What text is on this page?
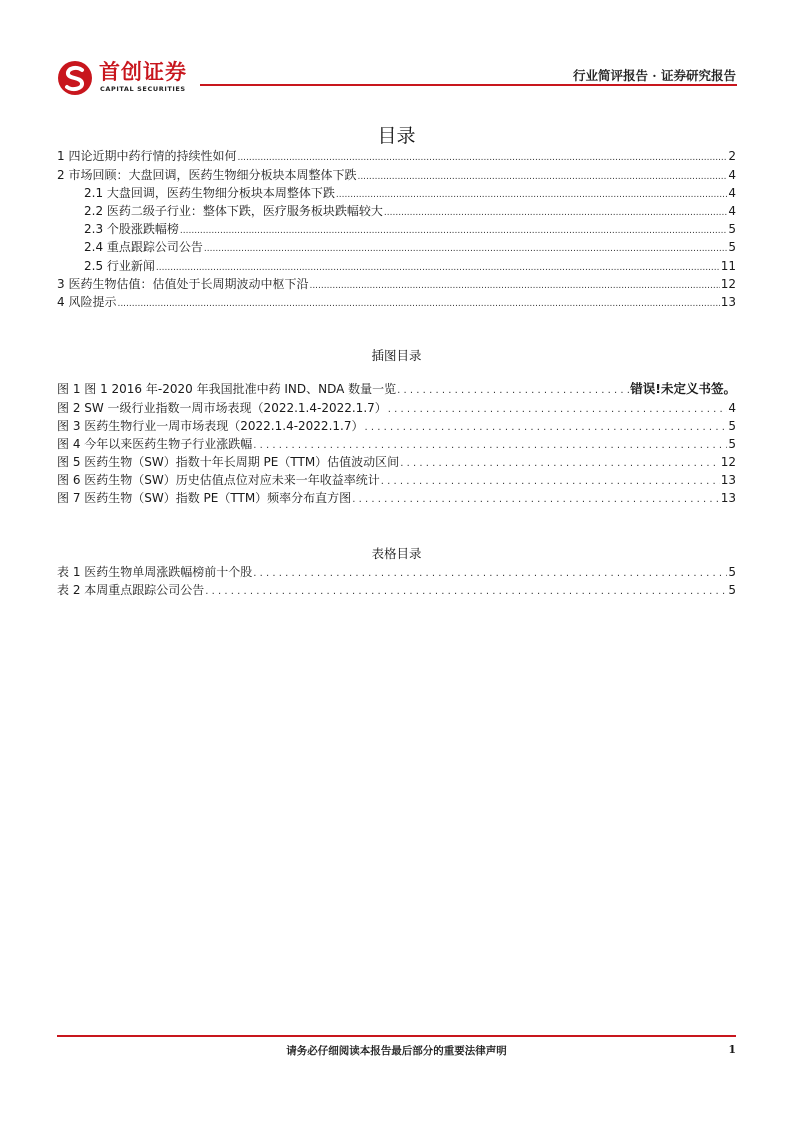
首创证券
CAPITAL SECURITIES
行业简评报告 · 证券研究报告
目录
1 四论近期中药行情的持续性如何 .....	2
2 市场回顾：大盘回调，医药生物细分板块本周整体下跌 .....	4
2.1 大盘回调，医药生物细分板块本周整体下跌 .....	4
2.2 医药二级子行业：整体下跌，医疗服务板块跌幅较大 .....	4
2.3 个股涨跌幅榜 .....	5
2.4 重点跟踪公司公告 .....	5
2.5 行业新闻 .....	11
3 医药生物估值：估值处于长周期波动中枢下沿 .....	12
4 风险提示 .....	13
插图目录
图 1 图 1 2016 年-2020 年我国批准中药 IND、NDA 数量一览 .....	错误!未定义书签。
图 2 SW 一级行业指数一周市场表现（2022.1.4-2022.1.7） .....	4
图 3 医药生物行业一周市场表现（2022.1.4-2022.1.7） .....	5
图 4 今年以来医药生物子行业涨跌幅 .....	5
图 5 医药生物（SW）指数十年长周期 PE（TTM）估值波动区间 .....	12
图 6 医药生物（SW）历史估值点位对应未来一年收益率统计 .....	13
图 7 医药生物（SW）指数 PE（TTM）频率分布直方图 .....	13
表格目录
表 1 医药生物单周涨跌幅榜前十个股 .....	5
表 2 本周重点跟踪公司公告 .....	5
请务必仔细阅读本报告最后部分的重要法律声明	1
